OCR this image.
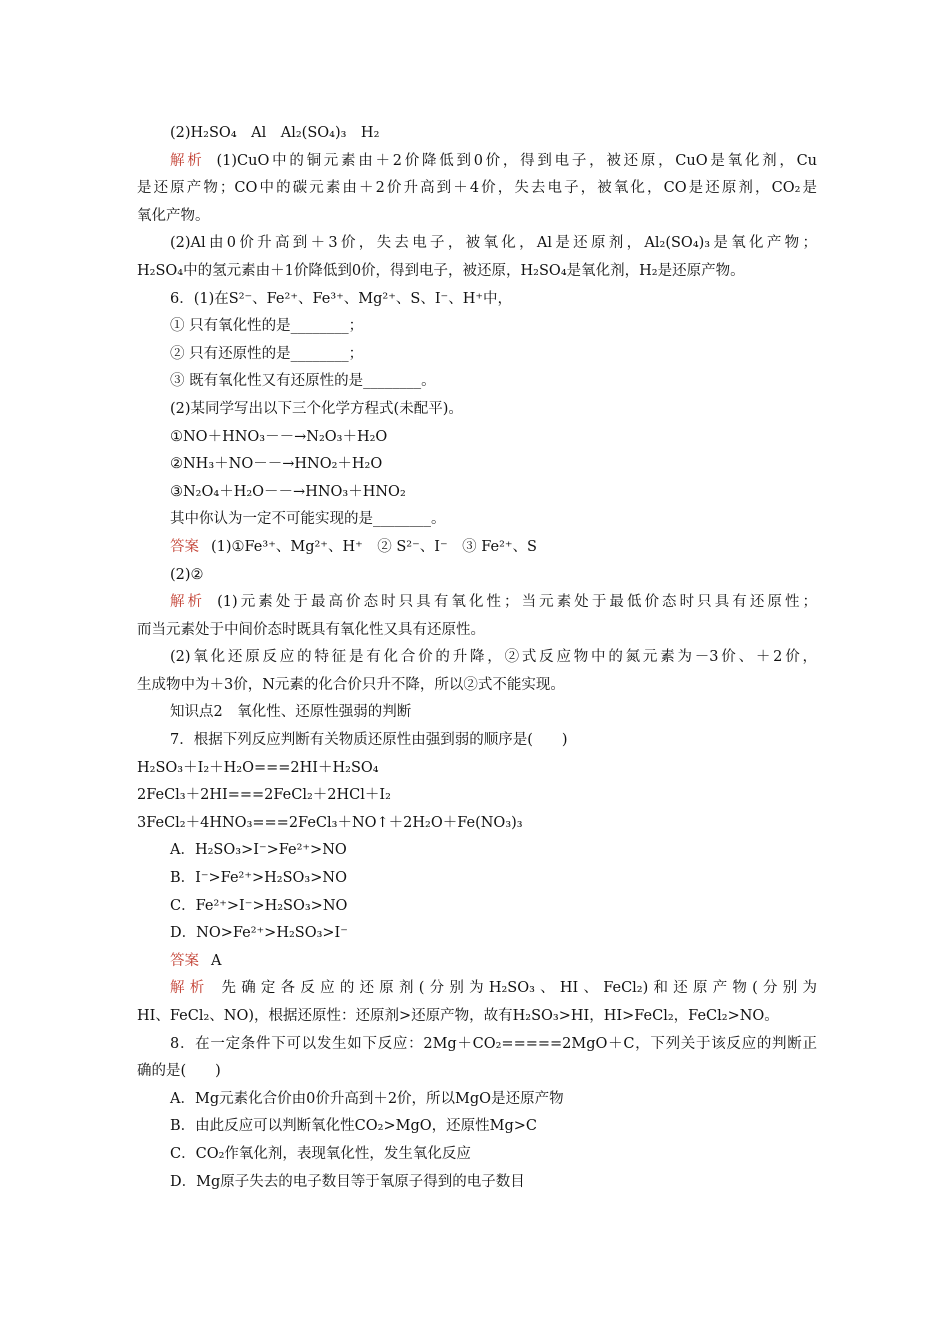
(2)H₂SO₄　Al　Al₂(SO₄)₃　H₂
解析 (1)CuO中的铜元素由＋2价降低到0价，得到电子，被还原，CuO是氧化剂，Cu
是还原产物；CO中的碳元素由＋2价升高到＋4价，失去电子，被氧化，CO是还原剂，CO₂是
氧化产物。
(2)Al由0价升高到＋3价，失去电子，被氧化，Al是还原剂，Al₂(SO₄)₃是氧化产物；
H₂SO₄中的氢元素由＋1价降低到0价，得到电子，被还原，H₂SO₄是氧化剂，H₂是还原产物。
6．(1)在S²⁻、Fe²⁺、Fe³⁺、Mg²⁺、S、I⁻、H⁺中，
① 只有氧化性的是________；
② 只有还原性的是________；
③ 既有氧化性又有还原性的是________。
(2)某同学写出以下三个化学方程式(未配平)。
①NO＋HNO₃－－→N₂O₃＋H₂O
②NH₃＋NO－－→HNO₂＋H₂O
③N₂O₄＋H₂O－－→HNO₃＋HNO₂
其中你认为一定不可能实现的是________。
答案 (1)①Fe³⁺、Mg²⁺、H⁺　② S²⁻、I⁻　③ Fe²⁺、S
(2)②
解析 (1)元素处于最高价态时只具有氧化性；当元素处于最低价态时只具有还原性；
而当元素处于中间价态时既具有氧化性又具有还原性。
(2)氧化还原反应的特征是有化合价的升降，②式反应物中的氮元素为－3价、＋2价，
生成物中为＋3价，N元素的化合价只升不降，所以②式不能实现。
知识点2　氧化性、还原性强弱的判断
7．根据下列反应判断有关物质还原性由强到弱的顺序是(　　)
H₂SO₃＋I₂＋H₂O===2HI＋H₂SO₄
2FeCl₃＋2HI===2FeCl₂＋2HCl＋I₂
3FeCl₂＋4HNO₃===2FeCl₃＋NO↑＋2H₂O＋Fe(NO₃)₃
A．H₂SO₃>I⁻>Fe²⁺>NO
B．I⁻>Fe²⁺>H₂SO₃>NO
C．Fe²⁺>I⁻>H₂SO₃>NO
D．NO>Fe²⁺>H₂SO₃>I⁻
答案 A
解析 先确定各反应的还原剂(分别为H₂SO₃、HI、FeCl₂)和还原产物(分别为
HI、FeCl₂、NO)，根据还原性：还原剂>还原产物，故有H₂SO₃>HI，HI>FeCl₂，FeCl₂>NO。
8．在一定条件下可以发生如下反应：2Mg＋CO₂=====2MgO＋C，下列关于该反应的判断正
确的是(　　)
A．Mg元素化合价由0价升高到＋2价，所以MgO是还原产物
B．由此反应可以判断氧化性CO₂>MgO，还原性Mg>C
C．CO₂作氧化剂，表现氧化性，发生氧化反应
D．Mg原子失去的电子数目等于氧原子得到的电子数目
